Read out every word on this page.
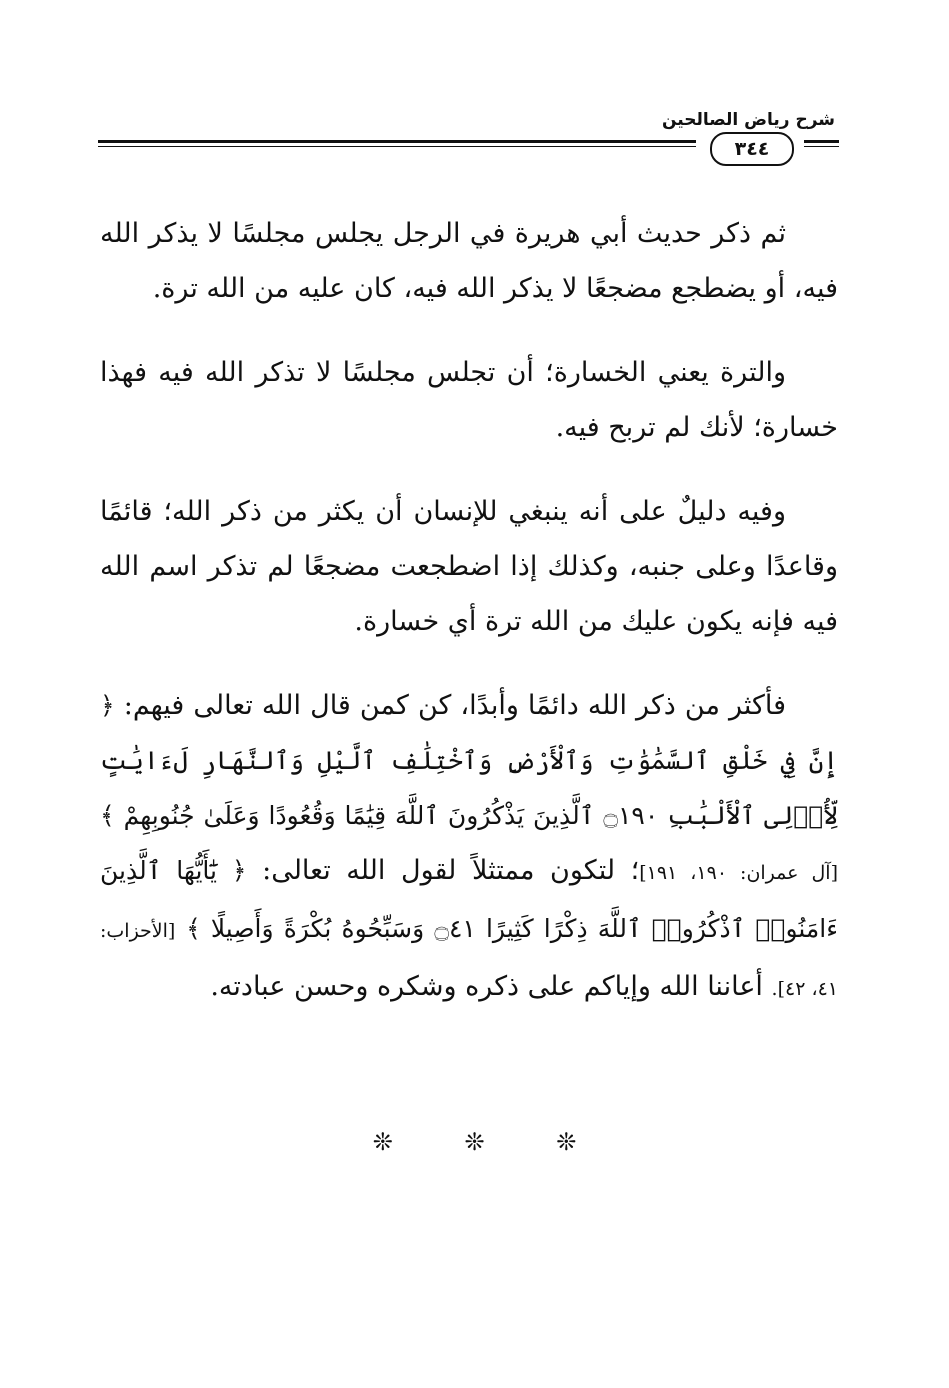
شرح رياض الصالحين
٣٤٤

ثم ذكر حديث أبي هريرة في الرجل يجلس مجلسًا لا يذكر الله فيه، أو يضطجع مضجعًا لا يذكر الله فيه، كان عليه من الله ترة.

والترة يعني الخسارة؛ أن تجلس مجلسًا لا تذكر الله فيه فهذا خسارة؛ لأنك لم تربح فيه.

وفيه دليلٌ على أنه ينبغي للإنسان أن يكثر من ذكر الله؛ قائمًا وقاعدًا وعلى جنبه، وكذلك إذا اضطجعت مضجعًا لم تذكر اسم الله فيه فإنه يكون عليك من الله ترة أي خسارة.

فأكثر من ذكر الله دائمًا وأبدًا، كن كمن قال الله تعالى فيهم: ﴿ إِنَّ فِي خَلْقِ ٱلسَّمَٰوَٰتِ وَٱلْأَرْضِ وَٱخْتِلَٰفِ ٱلَّيْلِ وَٱلنَّهَارِ لَءَايَٰتٍ لِّأُو۟لِى ٱلْأَلْبَٰبِ ۝١٩٠ ٱلَّذِينَ يَذْكُرُونَ ٱللَّهَ قِيَٰمًا وَقُعُودًا وَعَلَىٰ جُنُوبِهِمْ ﴾ [آل عمران: ١٩٠، ١٩١]؛ لتكون ممتثلاً لقول الله تعالى: ﴿ يَٰٓأَيُّهَا ٱلَّذِينَ ءَامَنُوا۟ ٱذْكُرُوا۟ ٱللَّهَ ذِكْرًا كَثِيرًا ۝٤١ وَسَبِّحُوهُ بُكْرَةً وَأَصِيلًا ﴾ [الأحزاب: ٤١، ٤٢]. أعاننا الله وإياكم على ذكره وشكره وحسن عبادته.

❊	❊	❊
